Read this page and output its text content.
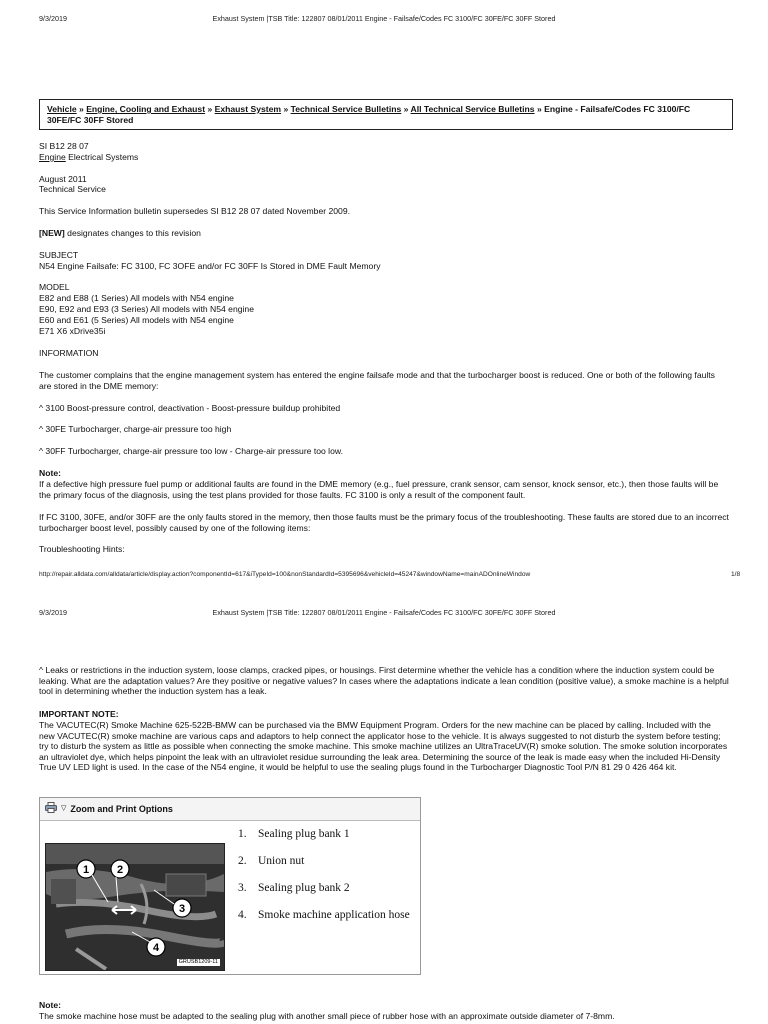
9/3/2019	Exhaust System |TSB Title: 122807 08/01/2011 Engine - Failsafe/Codes FC 3100/FC 30FE/FC 30FF Stored
Vehicle » Engine, Cooling and Exhaust » Exhaust System » Technical Service Bulletins » All Technical Service Bulletins » Engine - Failsafe/Codes FC 3100/FC 30FE/FC 30FF Stored
SI B12 28 07
Engine Electrical Systems
August 2011
Technical Service
This Service Information bulletin supersedes SI B12 28 07 dated November 2009.
[NEW] designates changes to this revision
SUBJECT
N54 Engine Failsafe: FC 3100, FC 3OFE and/or FC 30FF Is Stored in DME Fault Memory
MODEL
E82 and E88 (1 Series) All models with N54 engine
E90, E92 and E93 (3 Series) All models with N54 engine
E60 and E61 (5 Series) All models with N54 engine
E71 X6 xDrive35i
INFORMATION
The customer complains that the engine management system has entered the engine failsafe mode and that the turbocharger boost is reduced. One or both of the following faults are stored in the DME memory:
^ 3100 Boost-pressure control, deactivation - Boost-pressure buildup prohibited
^ 30FE Turbocharger, charge-air pressure too high
^ 30FF Turbocharger, charge-air pressure too low - Charge-air pressure too low.
Note:
If a defective high pressure fuel pump or additional faults are found in the DME memory (e.g., fuel pressure, crank sensor, cam sensor, knock sensor, etc.), then those faults will be the primary focus of the diagnosis, using the test plans provided for those faults. FC 3100 is only a result of the component fault.
If FC 3100, 30FE, and/or 30FF are the only faults stored in the memory, then those faults must be the primary focus of the troubleshooting. These faults are stored due to an incorrect turbocharger boost level, possibly caused by one of the following items:
Troubleshooting Hints:
http://repair.alldata.com/alldata/article/display.action?componentId=617&iTypeId=100&nonStandardId=5395696&vehicleId=45247&windowName=mainADOnlineWindow	1/8
9/3/2019	Exhaust System |TSB Title: 122807 08/01/2011 Engine - Failsafe/Codes FC 3100/FC 30FE/FC 30FF Stored
^ Leaks or restrictions in the induction system, loose clamps, cracked pipes, or housings. First determine whether the vehicle has a condition where the induction system could be leaking. What are the adaptation values? Are they positive or negative values? In cases where the adaptations indicate a lean condition (positive value), a smoke machine is a helpful tool in determining whether the induction system has a leak.
IMPORTANT NOTE:
The VACUTEC(R) Smoke Machine 625-522B-BMW can be purchased via the BMW Equipment Program. Orders for the new machine can be placed by calling. Included with the new VACUTEC(R) smoke machine are various caps and adaptors to help connect the applicator hose to the vehicle. It is always suggested to not disturb the system before testing; try to disturb the system as little as possible when connecting the smoke machine. This smoke machine utilizes an UltraTraceUV(R) smoke solution. The smoke solution incorporates an ultraviolet dye, which helps pinpoint the leak with an ultraviolet residue surrounding the leak area. Determining the source of the leak is made easy when the included Hi-Density True UV LED light is used. In the case of the N54 engine, it would be helpful to use the sealing plugs found in the Turbocharger Diagnostic Tool P/N 81 29 0 426 464 kit.
▽ Zoom and Print Options
1	2
3
4
GRUSB1209-11
1. Sealing plug bank 1
2. Union nut
3. Sealing plug bank 2
4. Smoke machine application hose
Note:
The smoke machine hose must be adapted to the sealing plug with another small piece of rubber hose with an approximate outside diameter of 7-8mm.
